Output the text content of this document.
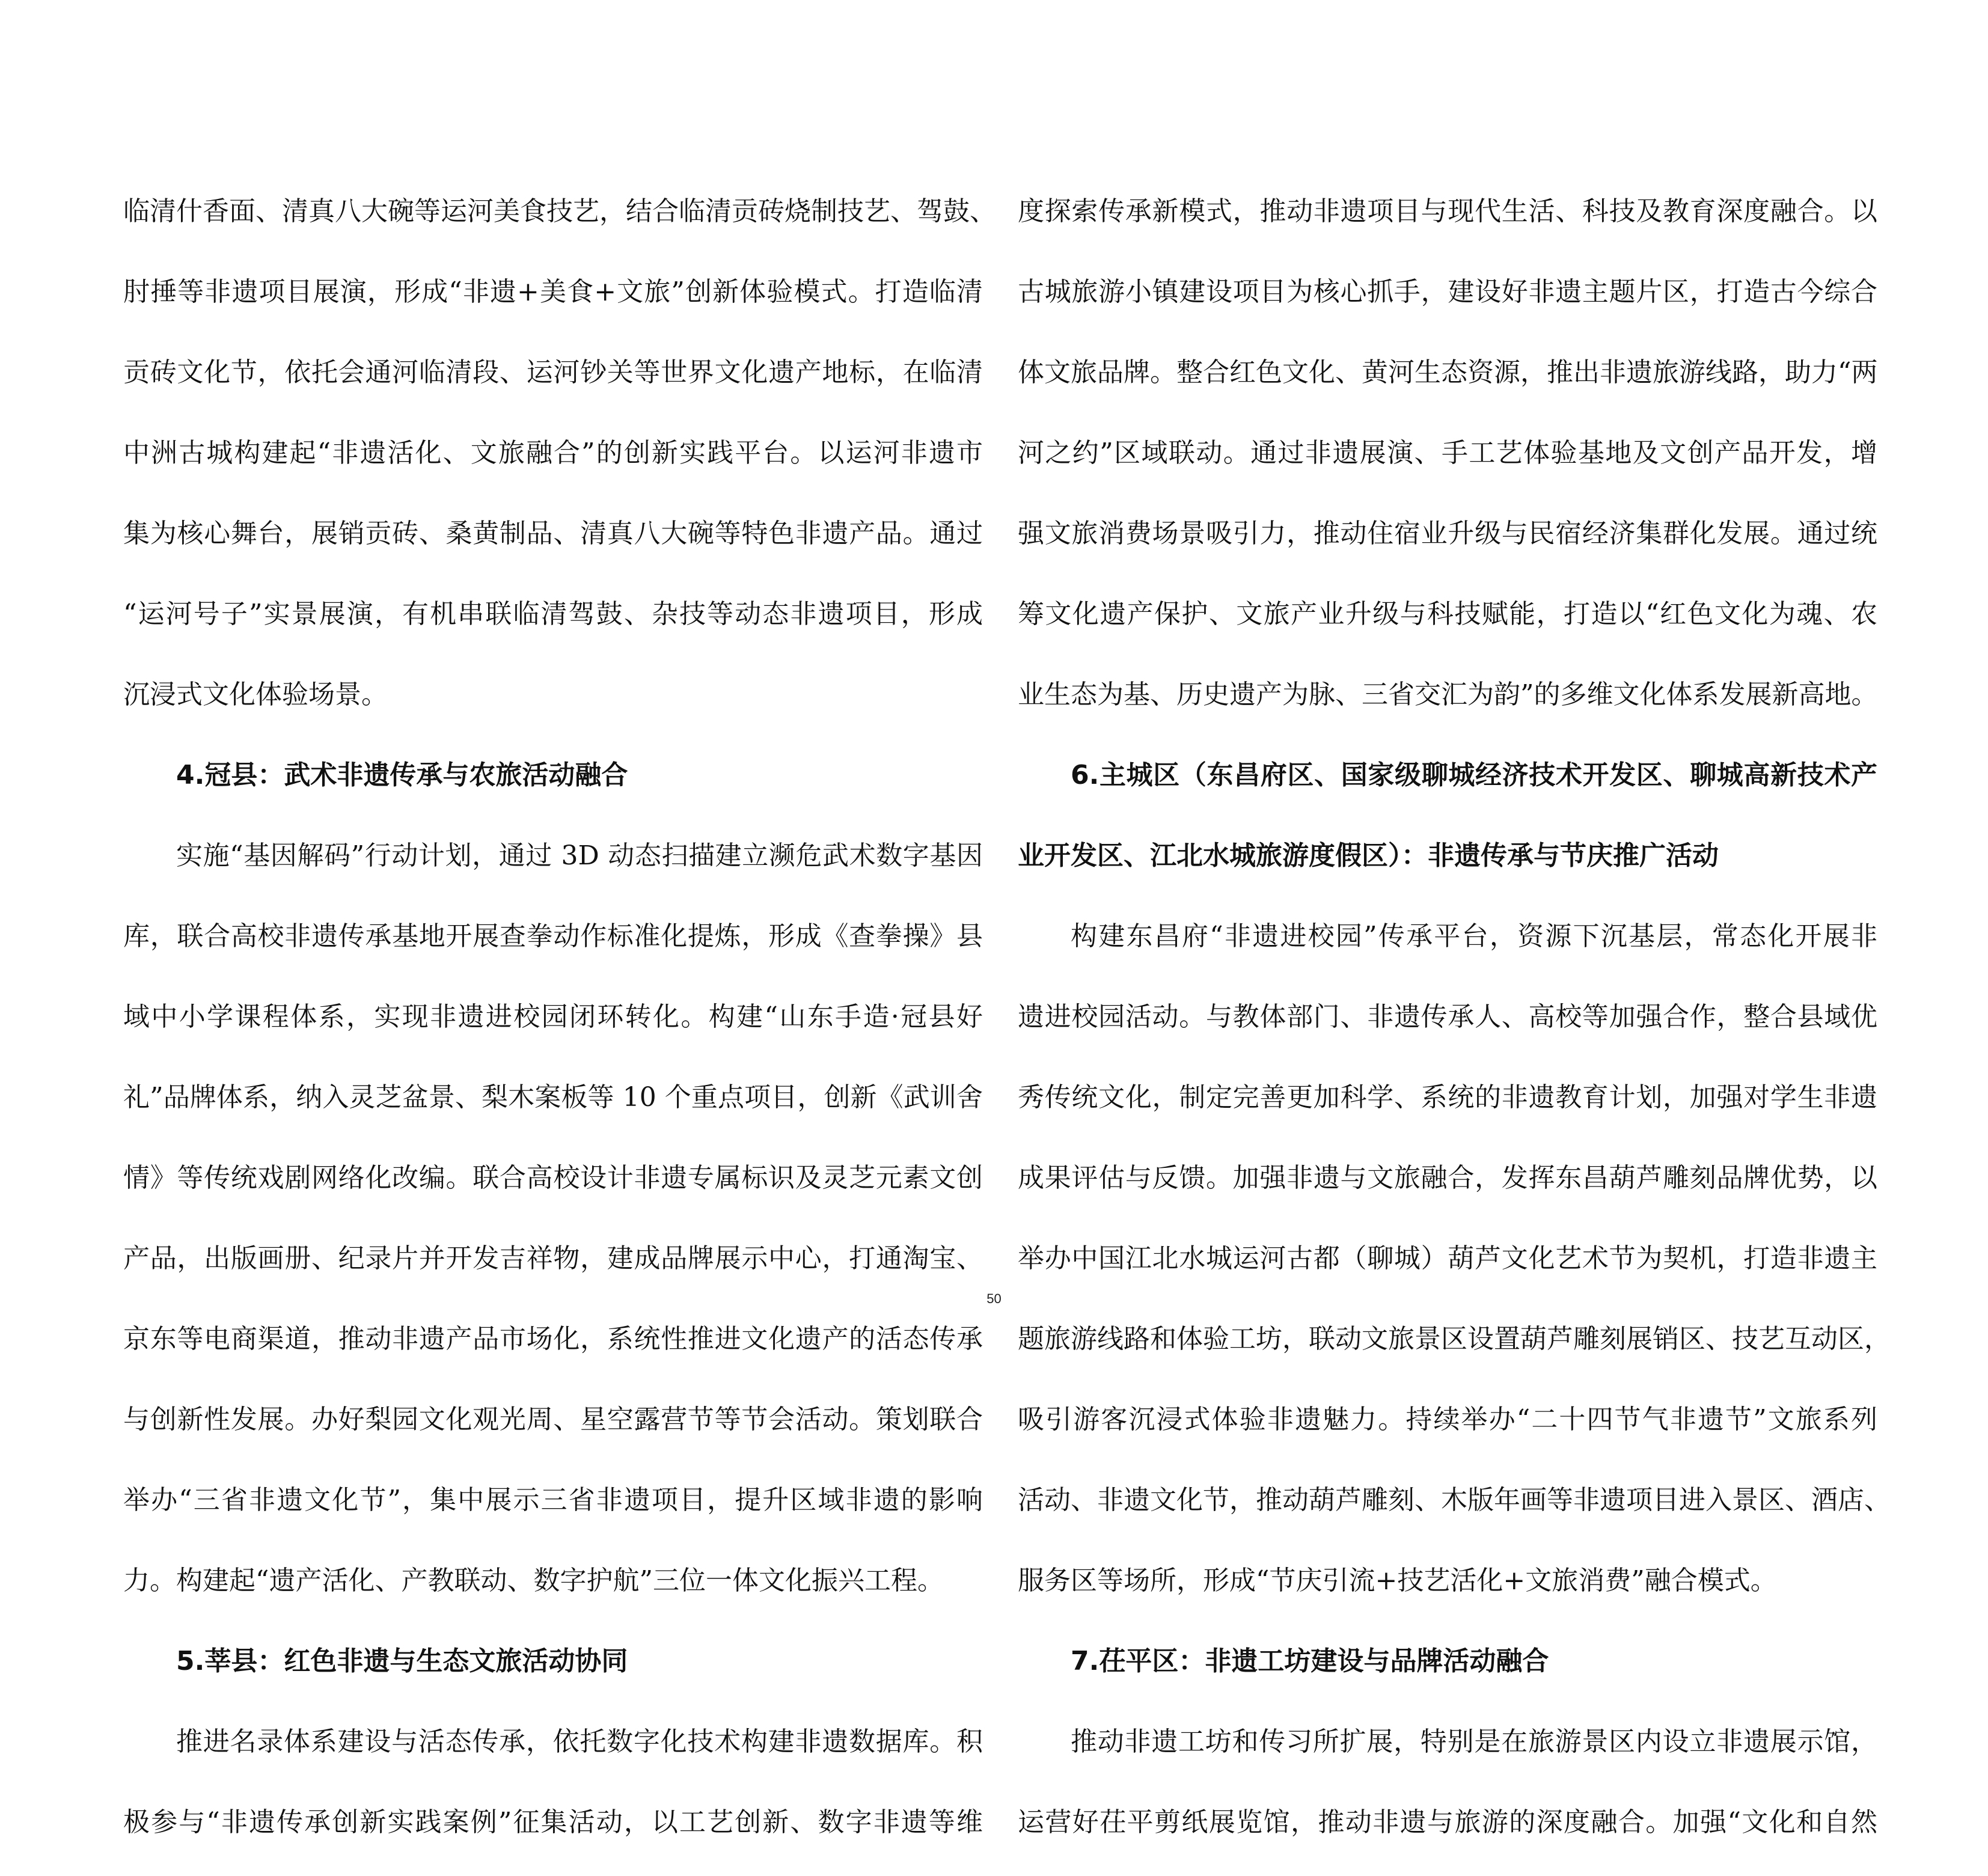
临清什香面、清真八大碗等运河美食技艺，结合临清贡砖烧制技艺、驾鼓、

肘捶等非遗项目展演，形成“非遗+美食+文旅”创新体验模式。打造临清

贡砖文化节，依托会通河临清段、运河钞关等世界文化遗产地标，在临清

中洲古城构建起“非遗活化、文旅融合”的创新实践平台。以运河非遗市

集为核心舞台，展销贡砖、桑黄制品、清真八大碗等特色非遗产品。通过

“运河号子”实景展演，有机串联临清驾鼓、杂技等动态非遗项目，形成

沉浸式文化体验场景。

4.冠县：武术非遗传承与农旅活动融合

实施“基因解码”行动计划，通过 3D 动态扫描建立濒危武术数字基因

库，联合高校非遗传承基地开展查拳动作标准化提炼，形成《查拳操》县

域中小学课程体系，实现非遗进校园闭环转化。构建“山东手造·冠县好

礼”品牌体系，纳入灵芝盆景、梨木案板等 10 个重点项目，创新《武训舍

情》等传统戏剧网络化改编。联合高校设计非遗专属标识及灵芝元素文创

产品，出版画册、纪录片并开发吉祥物，建成品牌展示中心，打通淘宝、

京东等电商渠道，推动非遗产品市场化，系统性推进文化遗产的活态传承

与创新性发展。办好梨园文化观光周、星空露营节等节会活动。策划联合

举办“三省非遗文化节”，集中展示三省非遗项目，提升区域非遗的影响

力。构建起“遗产活化、产教联动、数字护航”三位一体文化振兴工程。

5.莘县：红色非遗与生态文旅活动协同

推进名录体系建设与活态传承，依托数字化技术构建非遗数据库。积

极参与“非遗传承创新实践案例”征集活动，以工艺创新、数字非遗等维

度探索传承新模式，推动非遗项目与现代生活、科技及教育深度融合。以

古城旅游小镇建设项目为核心抓手，建设好非遗主题片区，打造古今综合

体文旅品牌。整合红色文化、黄河生态资源，推出非遗旅游线路，助力“两

河之约”区域联动。通过非遗展演、手工艺体验基地及文创产品开发，增

强文旅消费场景吸引力，推动住宿业升级与民宿经济集群化发展。通过统

筹文化遗产保护、文旅产业升级与科技赋能，打造以“红色文化为魂、农

业生态为基、历史遗产为脉、三省交汇为韵”的多维文化体系发展新高地。

6.主城区（东昌府区、国家级聊城经济技术开发区、聊城高新技术产

业开发区、江北水城旅游度假区）：非遗传承与节庆推广活动

构建东昌府“非遗进校园”传承平台，资源下沉基层，常态化开展非

遗进校园活动。与教体部门、非遗传承人、高校等加强合作，整合县域优

秀传统文化，制定完善更加科学、系统的非遗教育计划，加强对学生非遗

成果评估与反馈。加强非遗与文旅融合，发挥东昌葫芦雕刻品牌优势，以

举办中国江北水城运河古都（聊城）葫芦文化艺术节为契机，打造非遗主

题旅游线路和体验工坊，联动文旅景区设置葫芦雕刻展销区、技艺互动区，

吸引游客沉浸式体验非遗魅力。持续举办“二十四节气非遗节”文旅系列

活动、非遗文化节，推动葫芦雕刻、木版年画等非遗项目进入景区、酒店、

服务区等场所，形成“节庆引流+技艺活化+文旅消费”融合模式。

7.茌平区：非遗工坊建设与品牌活动融合

推动非遗工坊和传习所扩展，特别是在旅游景区内设立非遗展示馆，

运营好茌平剪纸展览馆，推动非遗与旅游的深度融合。加强“文化和自然

50
